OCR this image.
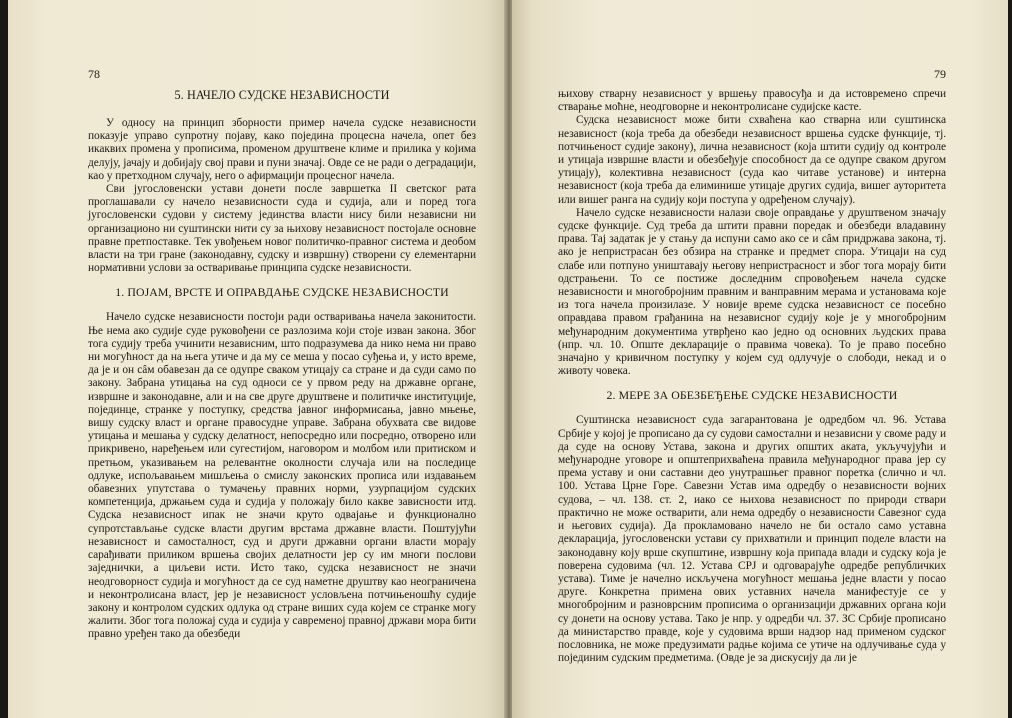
78
5. НАЧЕЛО СУДСКЕ НЕЗАВИСНОСТИ

У односу на принцип зборности пример начела судске независности показује управо супротну појаву, како појединa процесна начела, опет без икаквих промена у прописима, променом друштвене климе и прилика у којима делују, јачају и добијају свој прави и пуни значај. Овде се не ради о деградацији, као у претходном случају, него о афирмацији процесног начела.

Сви југословенски устави донети после завршетка II светског рата проглашавали су начело независности суда и судија, али и поред тога југословенски судови у систему јединства власти нису били независни ни организационо ни суштински нити су за њихову независност постојале основне правне претпоставке. Тек увођењем новог политичко-правног система и деобом власти на три гране (законодавну, судску и извршну) створени су елементарни нормативни услови за остваривање принципа судске независности.

1. ПОЈАМ, ВРСТЕ И ОПРАВДАЊЕ СУДСКЕ НЕЗАВИСНОСТИ

Начело судске независности постоји ради остваривања начела законитости. Ње нема ако судије суде руковођени се разлозима који стоје изван закона. Због тога судију треба учинити независним, што подразумева да нико нема ни право ни могућност да на њега утиче и да му се меша у посао суђења и, у исто време, да је и он сâм обавезан да се одупре сваком утицају са стране и да суди само по закону. Забрана утицања на суд односи се у првом реду на државне органе, извршне и законодавне, али и на све друге друштвене и политичке институције, појединце, странке у поступку, средства јавног информисања, јавно мњење, вишу судску власт и органе правосудне управе. Забрана обухвата све видове утицања и мешања у судску делатност, непосредно или посредно, отворено или прикривено, наређењем или сугестијом, наговором и молбом или притиском и претњом, указивањем на релевантне околности случаја или на последице одлуке, испољавањем мишљења о смислу законских прописа или издавањем обавезних упутстава о тумачењу правних норми, узурпацијом судских компетенција, држањем суда и судија у положају било какве зависности итд. Судска независност ипак не значи круто одвајање и функционално супротстављање судске власти другим врстама државне власти. Поштујући независност и самосталност, суд и други државни органи власти морају сарађивати приликом вршења својих делатности јер су им многи послови заједнички, а циљеви исти. Исто тако, судска независност не значи неодговорност судија и могућност да се суд наметне друштву као неограничена и неконтролисана власт, јер је независност условљена потчињеношћу судије закону и контролом судских одлука од стране виших суда којем се странке могу жалити. Због тога положај суда и судија у савременој правној држави мора бити правно уређен тако да обезбеди

79

њихову стварну независност у вршењу правосуђа и да истовремено спречи стварање моћне, неодговорне и неконтролисане судијске касте.

Судска независност може бити схваћена као стварна или суштинска независност (која треба да обезбеди независност вршења судске функције, тј. потчињеност судије закону), лична независност (која штити судију од контроле и утицаја извршне власти и обезбеђује способност да се одупре сваком другом утицају), колективна независност (суда као читаве установе) и интерна независност (која треба да елиминише утицаје других судија, вишег ауторитета или вишег ранга на судију који поступа у одређеном случају).

Начело судске независности налази своје оправдање у друштвеном значају судске функције. Суд треба да штити правни поредак и обезбеди владавину права. Тај задатак је у стању да испуни само ако се и сâм придржава закона, тј. ако је непристрасан без обзира на странке и предмет спора. Утицаји на суд слабе или потпуно уништавају његову непристрасност и због тога морају бити одстрањени. То се постиже доследним спровођењем начела судске независности и многобројним правним и ванправним мерама и установама које из тога начела произилазе. У новије време судска независност се посебно оправдава правом грађанина на независног судију које је у многобројним међународним документима утврђено као једно од основних људских права (нпр. чл. 10. Опште декларације о правима човека). То је право посебно значајно у кривичном поступку у којем суд одлучује о слободи, некад и о животу човека.

2. МЕРЕ ЗА ОБЕЗБЕЂЕЊЕ СУДСКЕ НЕЗАВИСНОСТИ

Суштинска независност суда загарантована је одредбом чл. 96. Устава Србије у којој је прописано да су судови самостални и независни у своме раду и да суде на основу Устава, закона и других општих аката, укључујући и међународне уговоре и општеприхваћена правила међународног права јер су према уставу и они саставни део унутрашњег правног поретка (слично и чл. 100. Устава Црне Горе. Савезни Устав има одредбу о независности војних судова, – чл. 138. ст. 2, иако се њихова независност по природи ствари практично не може остварити, али нема одредбу о независности Савезног суда и његових судија). Да прокламовано начело не би остало само уставна декларација, југословенски устави су прихватили и принцип поделе власти на законодавну коју врше скупштине, извршну која припада влади и судску која је поверена судовима (чл. 12. Устава СРЈ и одговарајуће одредбе републичких устава). Тиме је начелно искључена могућност мешања једне власти у посао друге. Конкретна примена ових уставних начела манифестује се у многобројним и разноврсним прописима о организацији државних органа који су донети на основу устава. Тако је нпр. у одредби чл. 37. ЗС Србије прописано да министарство правде, које у судовима врши надзор над применом судског пословника, не може предузимати радње којима се утиче на одлучивање суда у појединим судским предметима. (Овде је за дискусију да ли је
